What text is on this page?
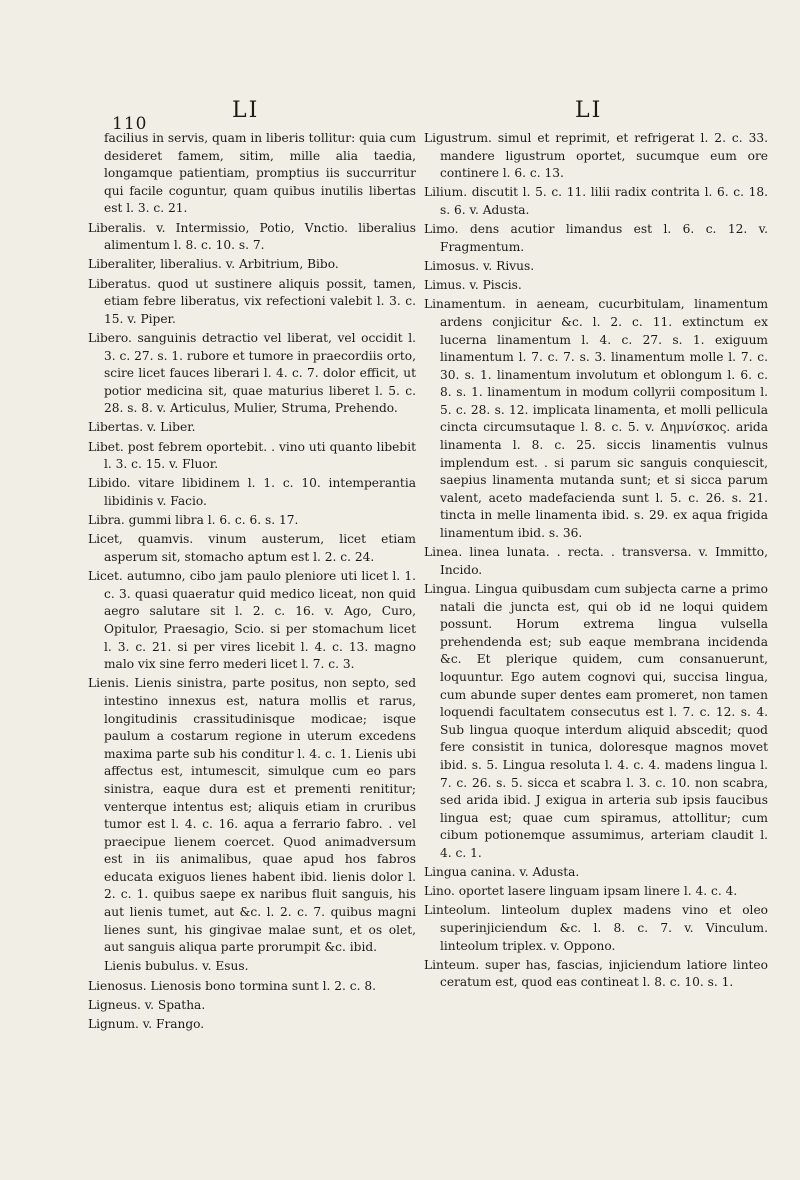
110
LI	LI

facilius in servis, quam in liberis tollitur: quia cum desideret famem, sitim, mille alia taedia, longamque patientiam, promptius iis succurritur qui facile coguntur, quam quibus inutilis libertas est l. 3. c. 21.

Liberalis. v. Intermissio, Potio, Vnctio. liberalius alimentum l. 8. c. 10. s. 7.

Liberaliter, liberalius. v. Arbitrium, Bibo.

Liberatus. quod ut sustinere aliquis possit, tamen, etiam febre liberatus, vix refectioni valebit l. 3. c. 15. v. Piper.

Libero. sanguinis detractio vel liberat, vel occidit l. 3. c. 27. s. 1. rubore et tumore in praecordiis orto, scire licet fauces liberari l. 4. c. 7. dolor efficit, ut potior medicina sit, quae maturius liberet l. 5. c. 28. s. 8. v. Articulus, Mulier, Struma, Prehendo.

Libertas. v. Liber.

Libet. post febrem oportebit. . vino uti quanto libebit l. 3. c. 15. v. Fluor.

Libido. vitare libidinem l. 1. c. 10. intemperantia libidinis v. Facio.

Libra. gummi libra l. 6. c. 6. s. 17.

Licet, quamvis. vinum austerum, licet etiam asperum sit, stomacho aptum est l. 2. c. 24.

Licet. autumno, cibo jam paulo pleniore uti licet l. 1. c. 3. quasi quaeratur quid medico liceat, non quid aegro salutare sit l. 2. c. 16. v. Ago, Curo, Opitulor, Praesagio, Scio. si per stomachum licet l. 3. c. 21. si per vires licebit l. 4. c. 13. magno malo vix sine ferro mederi licet l. 7. c. 3.

Lienis. Lienis sinistra, parte positus, non septo, sed intestino innexus est, natura mollis et rarus, longitudinis crassitudinisque modicae; isque paulum a costarum regione in uterum excedens maxima parte sub his conditur l. 4. c. 1. Lienis ubi affectus est, intumescit, simulque cum eo pars sinistra, eaque dura est et prementi renititur; venterque intentus est; aliquis etiam in cruribus tumor est l. 4. c. 16. aqua a ferrario fabro. . vel praecipue lienem coercet. Quod animadversum est in iis animalibus, quae apud hos fabros educata exiguos lienes habent ibid. lienis dolor l. 2. c. 1. quibus saepe ex naribus fluit sanguis, his aut lienis tumet, aut &c. l. 2. c. 7. quibus magni lienes sunt, his gingivae malae sunt, et os olet, aut sanguis aliqua parte prorumpit &c. ibid.

Lienis bubulus. v. Esus.

Lienosus. Lienosis bono tormina sunt l. 2. c. 8.

Ligneus. v. Spatha.

Lignum. v. Frango.

Ligustrum. simul et reprimit, et refrigerat l. 2. c. 33. mandere ligustrum oportet, sucumque eum ore continere l. 6. c. 13.

Lilium. discutit l. 5. c. 11. lilii radix contrita l. 6. c. 18. s. 6. v. Adusta.

Limo. dens acutior limandus est l. 6. c. 12. v. Fragmentum.

Limosus. v. Rivus.

Limus. v. Piscis.

Linamentum. in aeneam, cucurbitulam, linamentum ardens conjicitur &c. l. 2. c. 11. extinctum ex lucerna linamentum l. 4. c. 27. s. 1. exiguum linamentum l. 7. c. 7. s. 3. linamentum molle l. 7. c. 30. s. 1. linamentum involutum et oblongum l. 6. c. 8. s. 1. linamentum in modum collyrii compositum l. 5. c. 28. s. 12. implicata linamenta, et molli pellicula cincta circumsutaque l. 8. c. 5. v. Δημνίσκος. arida linamenta l. 8. c. 25. siccis linamentis vulnus implendum est. . si parum sic sanguis conquiescit, saepius linamenta mutanda sunt; et si sicca parum valent, aceto madefacienda sunt l. 5. c. 26. s. 21. tincta in melle linamenta ibid. s. 29. ex aqua frigida linamentum ibid. s. 36.

Linea. linea lunata. . recta. . transversa. v. Immitto, Incido.

Lingua. Lingua quibusdam cum subjecta carne a primo natali die juncta est, qui ob id ne loqui quidem possunt. Horum extrema lingua vulsella prehendenda est; sub eaque membrana incidenda &c. Et plerique quidem, cum consanuerunt, loquuntur. Ego autem cognovi qui, succisa lingua, cum abunde super dentes eam promeret, non tamen loquendi facultatem consecutus est l. 7. c. 12. s. 4. Sub lingua quoque interdum aliquid abscedit; quod fere consistit in tunica, doloresque magnos movet ibid. s. 5. Lingua resoluta l. 4. c. 4. madens lingua l. 7. c. 26. s. 5. sicca et scabra l. 3. c. 10. non scabra, sed arida ibid. J exigua in arteria sub ipsis faucibus lingua est; quae cum spiramus, attollitur; cum cibum potionemque assumimus, arteriam claudit l. 4. c. 1.

Lingua canina. v. Adusta.

Lino. oportet lasere linguam ipsam linere l. 4. c. 4.

Linteolum. linteolum duplex madens vino et oleo superinjiciendum &c. l. 8. c. 7. v. Vinculum. linteolum triplex. v. Oppono.

Linteum. super has, fascias, injiciendum latiore linteo ceratum est, quod eas contineat l. 8. c. 10. s. 1.
